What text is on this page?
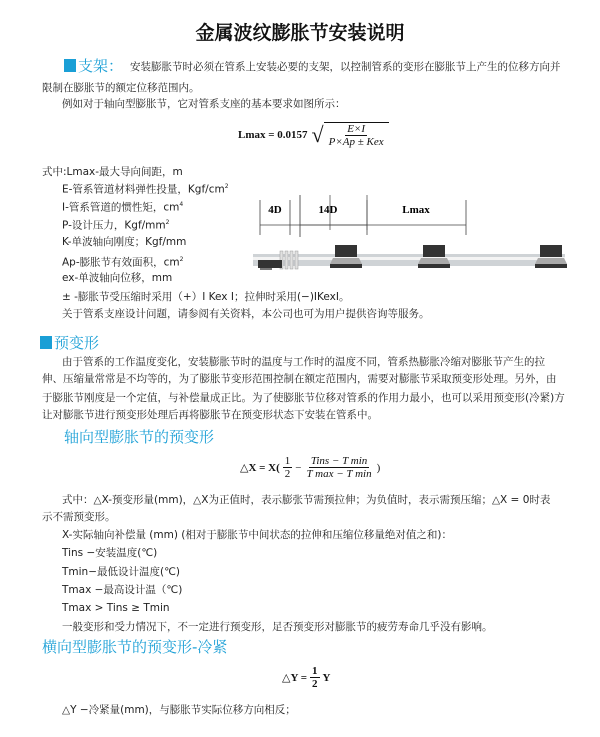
金属波纹膨胀节安装说明
支架： 安装膨胀节时必须在管系上安装必要的支架，以控制管系的变形在膨胀节上产生的位移方向并
限制在膨胀节的额定位移范围内。
例如对于轴向型膨胀节，它对管系支座的基本要求如图所示：
Lmax = 0.0157 √ $\frac{E\times I}{\text{P×Ap ± Kex}}$
式中:Lmax-最大导向间距，m
E-管系管道材料弹性投量，Kgf/$cm^2$
I-管系管道的惯性矩，$cm^4$
P-设计压力，Kgf/$mm^2$
K-单波轴向刚度；Kgf/mm
Ap-膨胀节有效面积，$cm^2$
ex-单波轴向位移，mm
± -膨胀节受压缩时采用（+）I Kex I；拉伸时采用(−)IKexI。
关于管系支座设计问题，请参阅有关资料，本公司也可为用户提供咨询等服务。
4D	14D	Lmax
预变形
由于管系的工作温度变化，安装膨胀节时的温度与工作时的温度不同，管系热膨胀冷缩对膨胀节产生的拉
伸、压缩量常常是不均等的，为了膨胀节变形范围控制在额定范围内，需要对膨胀节采取预变形处理。另外，由
于膨胀节刚度是一个定值，与补偿量成正比。为了使膨胀节位移对管系的作用力最小，也可以采用预变形(冷紧)方
让对膨胀节进行预变形处理后再将膨胀节在预变形状态下安装在管系中。
轴向型膨胀节的预变形
△X = $X( \frac{1}{2} - \frac{\text{Tins − T min}}{\text{T max − T min}}$ )
式中：△X-预变形量(mm)，△X为正值时，表示膨张节需预拉伸；为负值时，表示需预压缩；△X = 0时表
示不需预变形。
X-实际轴向补偿量 (mm) (相对于膨胀节中间状态的拉伸和压缩位移量绝对值之和)：
Tins −安装温度(℃)
Tmin−最低设计温度(℃)
Tmax −最高设计温（℃)
Tmax > Tins ≥ Tmin
一般变形和受力情况下，不一定进行预变形，足否预变形对膨胀节的疲劳寿命几乎没有影响。
横向型膨胀节的预变形-冷紧
△Y = $\frac{1}{2}$ Y
△Y −冷紧量(mm)，与膨胀节实际位移方向相反；
